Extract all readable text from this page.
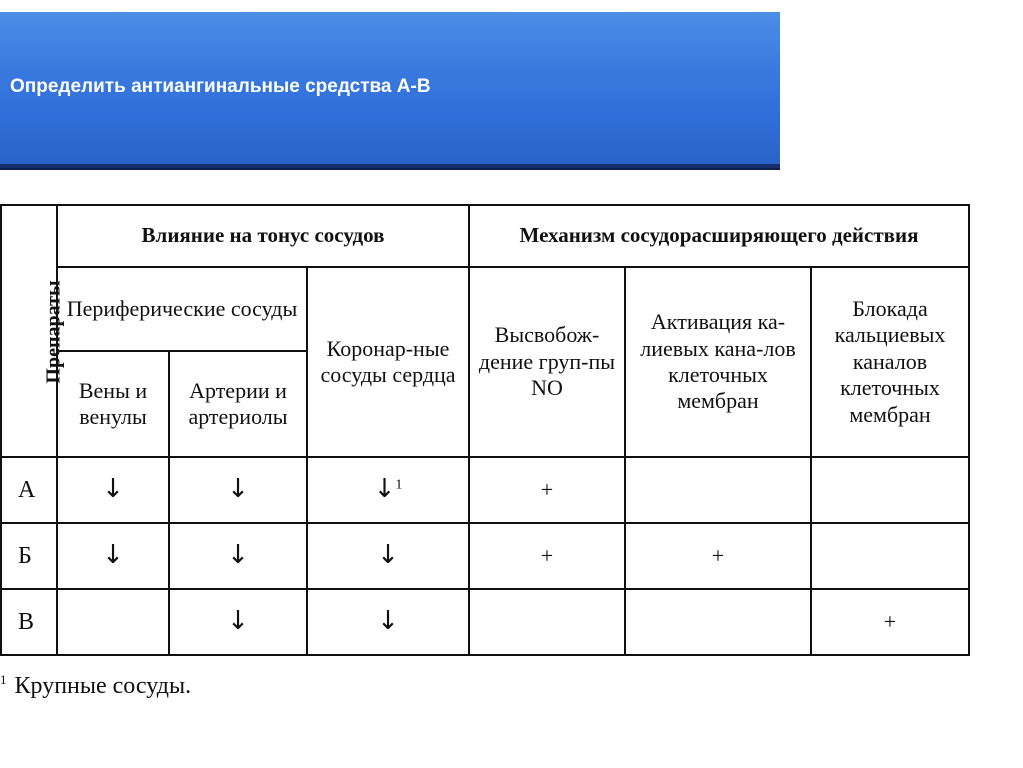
Определить антиангинальные средства А-В
Препараты	Влияние на тонус сосудов			Механизм сосудорасширяющего действия		
	Периферические сосуды		Коронар-ные сосуды сердца	Высвобож-дение груп-пы NO	Активация ка-лиевых кана-лов клеточных мембран	Блокада кальциевых каналов клеточных мембран
	Вены и венулы	Артерии и артериолы				
А	↓	↓	↓$^1$	+		
Б	↓	↓	↓	+	+	
В		↓	↓			+
$^1$ Крупные сосуды.
